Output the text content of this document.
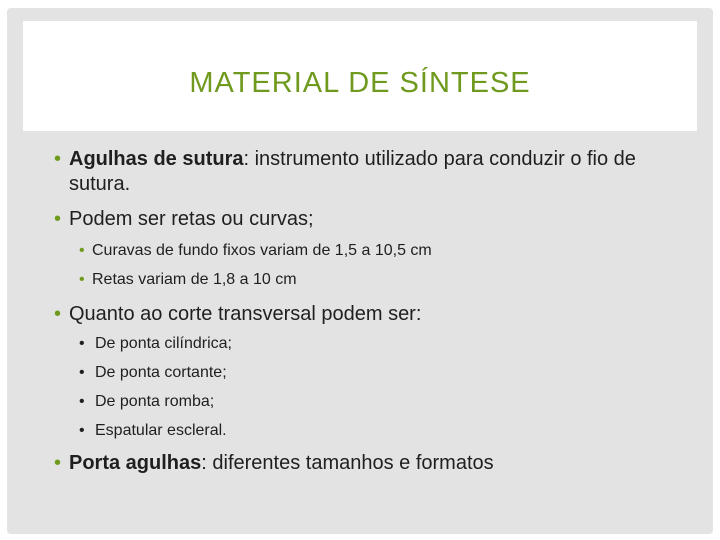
MATERIAL DE SÍNTESE
• Agulhas de sutura: instrumento utilizado para conduzir o fio de sutura.
• Podem ser retas ou curvas;
• Curavas de fundo fixos variam de 1,5 a 10,5 cm
• Retas variam de 1,8 a 10 cm
• Quanto ao corte transversal podem ser:
• De ponta cilíndrica;
• De ponta cortante;
• De ponta romba;
• Espatular escleral.
• Porta agulhas: diferentes tamanhos e formatos
